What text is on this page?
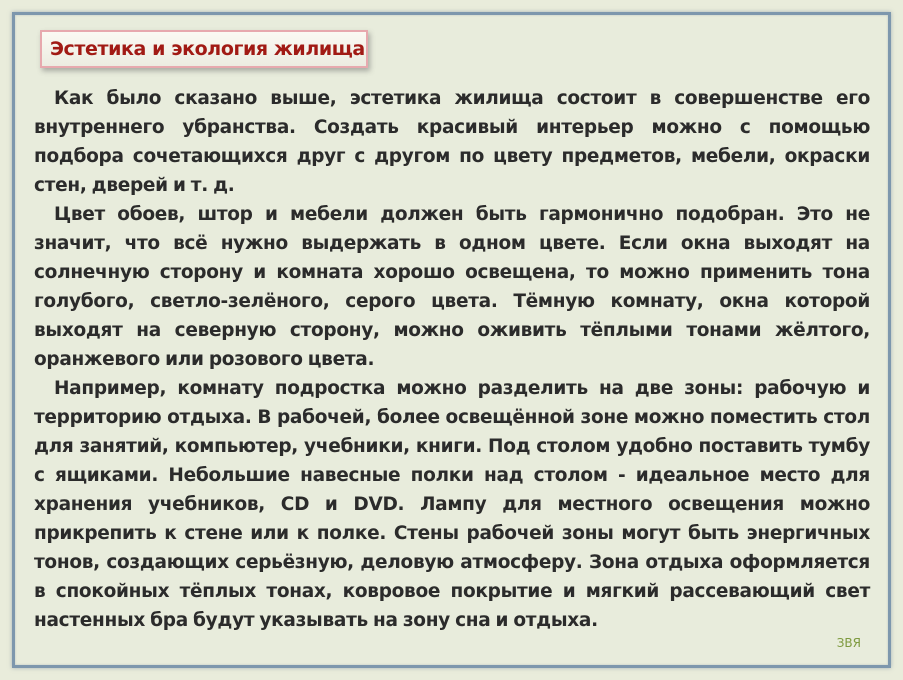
Эстетика и экология жилища

Как было сказано выше, эстетика жилища состоит в совершенстве его внутреннего убранства. Создать красивый интерьер можно с помощью подбора сочетающихся друг с другом по цвету предметов, мебели, окраски стен, дверей и т. д.

Цвет обоев, штор и мебели должен быть гармонично подобран. Это не значит, что всё нужно выдержать в одном цвете. Если окна выходят на солнечную сторону и комната хорошо освещена, то можно применить тона голубого, светло-зелёного, серого цвета. Тёмную комнату, окна которой выходят на северную сторону, можно оживить тёплыми тонами жёлтого, оранжевого или розового цвета.

Например, комнату подростка можно разделить на две зоны: рабочую и территорию отдыха. В рабочей, более освещённой зоне можно поместить стол для занятий, компьютер, учебники, книги. Под столом удобно поставить тумбу с ящиками. Небольшие навесные полки над столом - идеальное место для хранения учебников, CD и DVD. Лампу для местного освещения можно прикрепить к стене или к полке. Стены рабочей зоны могут быть энергичных тонов, создающих серьёзную, деловую атмосферу. Зона отдыха оформляется в спокойных тёплых тонах, ковровое покрытие и мягкий рассевающий свет настенных бра будут указывать на зону сна и отдыха.

ЗВЯ
